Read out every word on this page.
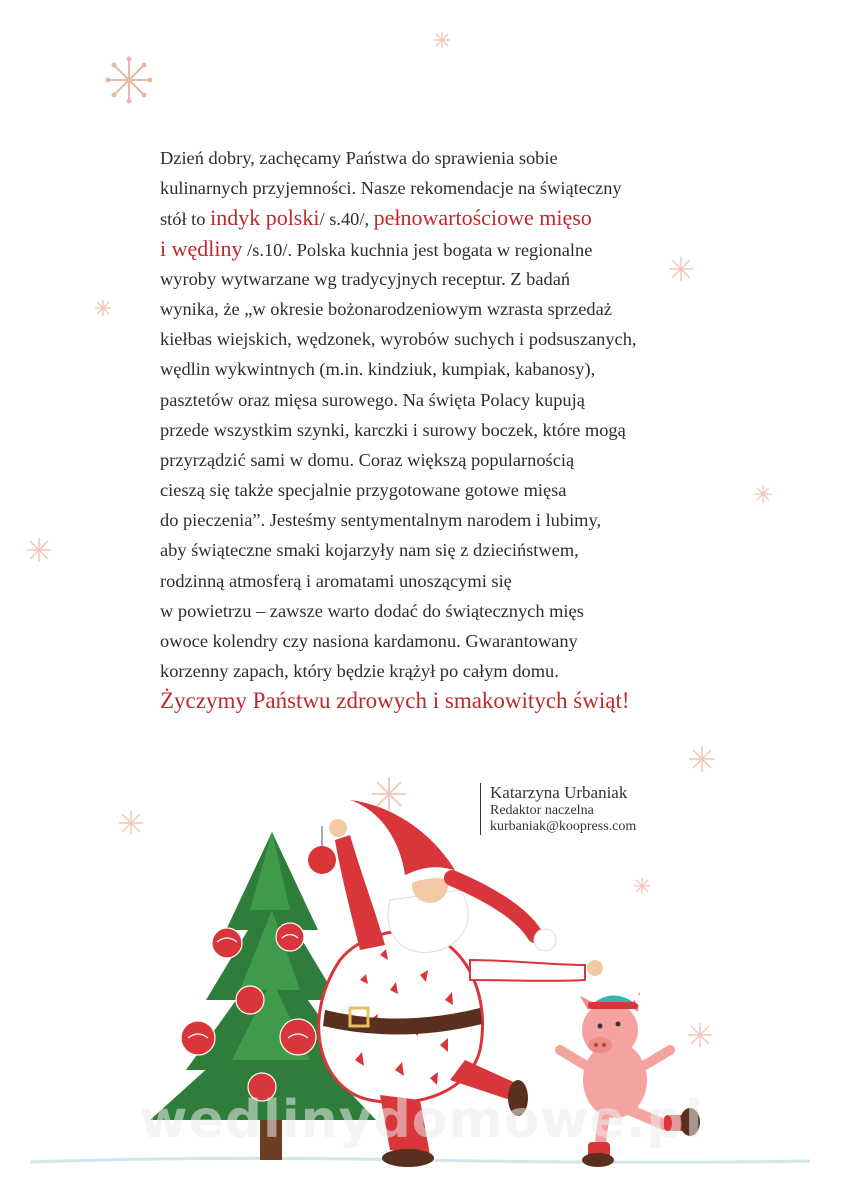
Dzień dobry, zachęcamy Państwa do sprawienia sobie
kulinarnych przyjemności. Nasze rekomendacje na świąteczny
stół to indyk polski/ s.40/, pełnowartościowe mięso
i wędliny /s.10/. Polska kuchnia jest bogata w regionalne
wyroby wytwarzane wg tradycyjnych receptur. Z badań
wynika, że „w okresie bożonarodzeniowym wzrasta sprzedaż
kiełbas wiejskich, wędzonek, wyrobów suchych i podsuszanych,
wędlin wykwintnych (m.in. kindziuk, kumpiak, kabanosy),
pasztetów oraz mięsa surowego. Na święta Polacy kupują
przede wszystkim szynki, karczki i surowy boczek, które mogą
przyrządzić sami w domu. Coraz większą popularnością
cieszą się także specjalnie przygotowane gotowe mięsa
do pieczenia”. Jesteśmy sentymentalnym narodem i lubimy,
aby świąteczne smaki kojarzyły nam się z dzieciństwem,
rodzinną atmosferą i aromatami unoszącymi się
w powietrzu – zawsze warto dodać do świątecznych mięs
owoce kolendry czy nasiona kardamonu. Gwarantowany
korzenny zapach, który będzie krążył po całym domu.
Życzymy Państwu zdrowych i smakowitych świąt!
Katarzyna Urbaniak
Redaktor naczelna
kurbaniak@koopress.com
wedlinydomowe.pl
